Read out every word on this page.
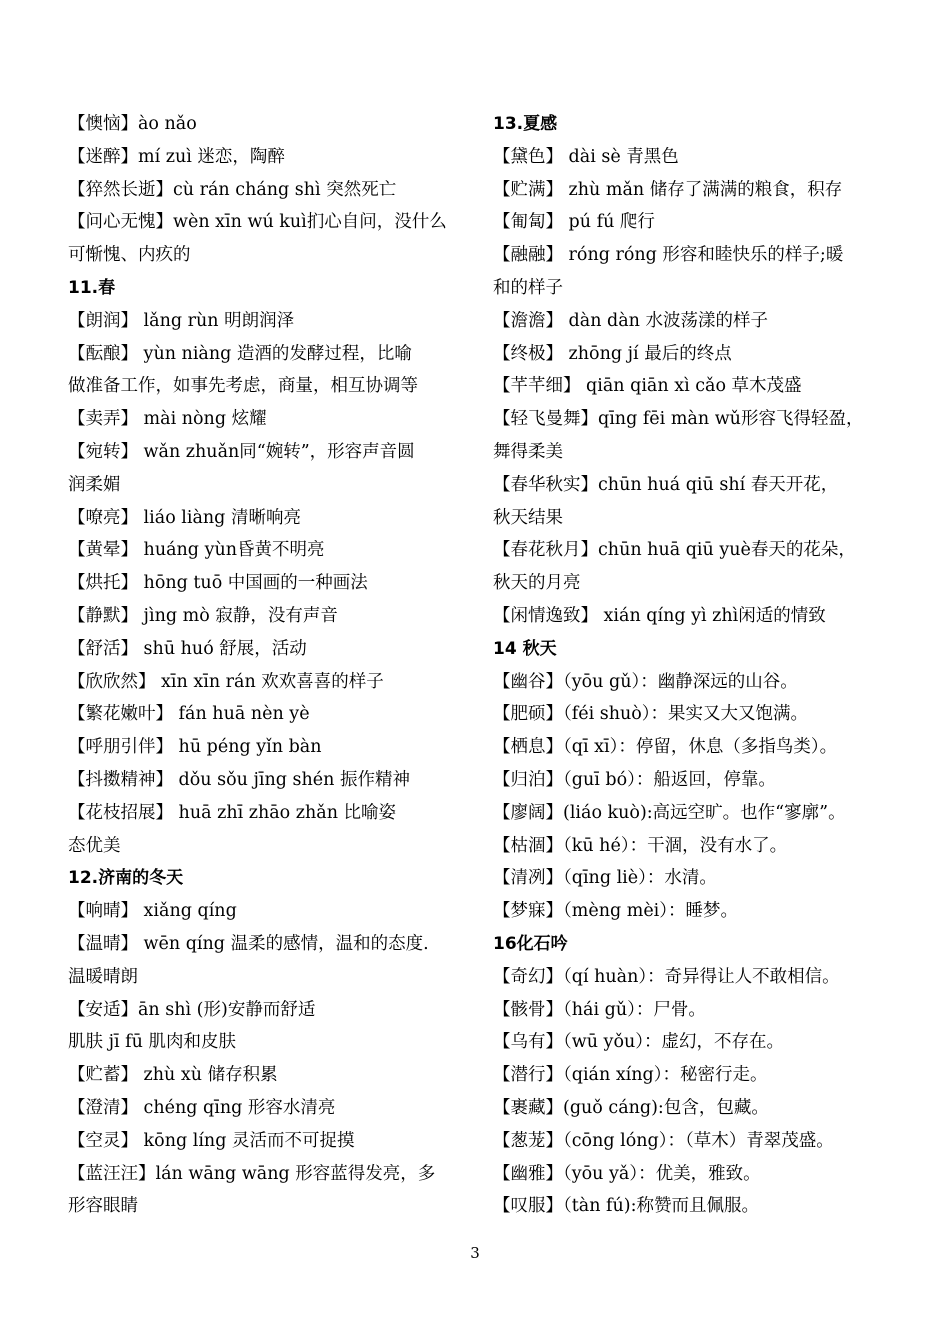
【懊恼】ào nǎo
【迷醉】mí zuì 迷恋，陶醉
【猝然长逝】cù rán cháng shì 突然死亡
【问心无愧】wèn xīn wú kuì扪心自问，没什么
可惭愧、内疚的
11.春
【朗润】 lǎng rùn 明朗润泽
【酝酿】 yùn niàng 造酒的发酵过程，比喻
做准备工作，如事先考虑，商量，相互协调等
【卖弄】 mài nòng 炫耀
【宛转】 wǎn zhuǎn同“婉转”，形容声音圆
润柔媚
【嘹亮】 liáo liàng 清晰响亮
【黄晕】 huáng yùn昏黄不明亮
【烘托】 hōng tuō 中国画的一种画法
【静默】 jìng mò 寂静，没有声音
【舒活】 shū huó 舒展，活动
【欣欣然】 xīn xīn rán 欢欢喜喜的样子
【繁花嫩叶】 fán huā nèn yè
【呼朋引伴】 hū péng yǐn bàn
【抖擞精神】 dǒu sǒu jīng shén 振作精神
【花枝招展】 huā zhī zhāo zhǎn 比喻姿
态优美
12.济南的冬天
【响晴】 xiǎng qíng
【温晴】 wēn qíng 温柔的感情，温和的态度.
温暖晴朗
【安适】ān shì (形)安静而舒适
肌肤 jī fū 肌肉和皮肤
【贮蓄】 zhù xù 储存积累
【澄清】 chéng qīng 形容水清亮
【空灵】 kōng líng 灵活而不可捉摸
【蓝汪汪】lán wāng wāng 形容蓝得发亮，多
形容眼睛
13.夏感
【黛色】 dài sè 青黑色
【贮满】 zhù mǎn 储存了满满的粮食，积存
【匍匐】 pú fú 爬行
【融融】 róng róng 形容和睦快乐的样子;暖
和的样子
【澹澹】 dàn dàn 水波荡漾的样子
【终极】 zhōng jí 最后的终点
【芊芊细】 qiān qiān xì cǎo 草木茂盛
【轻飞曼舞】qīng fēi màn wǔ形容飞得轻盈，
舞得柔美
【春华秋实】chūn huá qiū shí 春天开花，
秋天结果
【春花秋月】chūn huā qiū yuè春天的花朵，
秋天的月亮
【闲情逸致】 xián qíng yì zhì闲适的情致
14 秋天
【幽谷】（yōu gǔ）：幽静深远的山谷。
【肥硕】（féi shuò）：果实又大又饱满。
【栖息】（qī xī）：停留，休息（多指鸟类）。
【归泊】（guī bó）：船返回，停靠。
【廖阔】(liáo kuò):高远空旷。也作“寥廓”。
【枯涸】（kū hé）：干涸，没有水了。
【清冽】（qīng liè）：水清。
【梦寐】（mèng mèi）：睡梦。
16化石吟
【奇幻】（qí huàn）：奇异得让人不敢相信。
【骸骨】（hái gǔ）：尸骨。
【乌有】（wū yǒu）：虚幻，不存在。
【潜行】（qián xíng）：秘密行走。
【裹藏】(guǒ cáng):包含，包藏。
【葱茏】（cōng lóng）：（草木）青翠茂盛。
【幽雅】（yōu yǎ）：优美，雅致。
【叹服】（tàn fú):称赞而且佩服。
3
